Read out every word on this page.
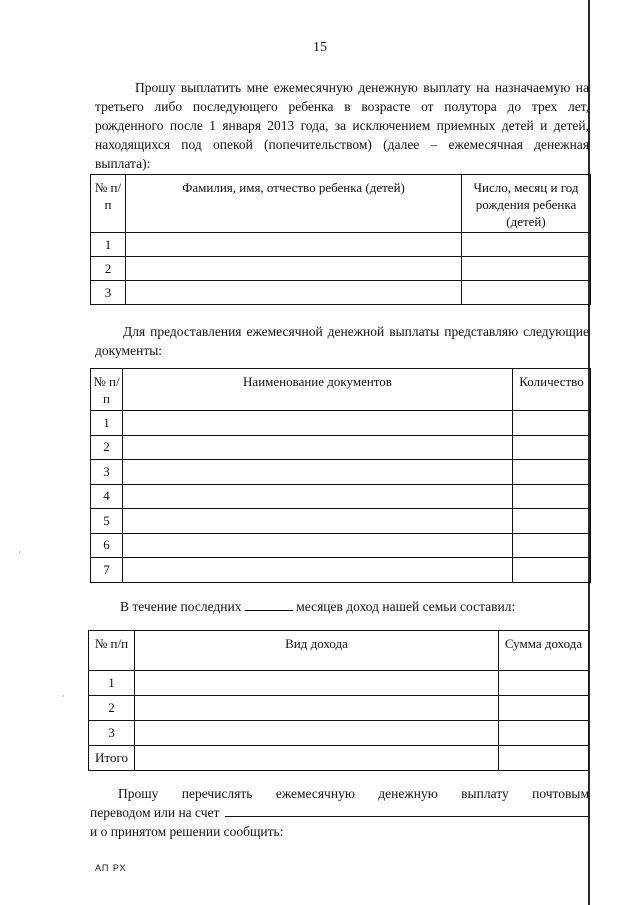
15
Прошу выплатить мне ежемесячную денежную выплату на назначаемую на
третьего либо последующего ребенка в возрасте от полутора до трех лет,
рожденного после 1 января 2013 года, за исключением приемных детей и детей,
находящихся под опекой (попечительством) (далее – ежемесячная денежная
выплата):
№ п/п	Фамилия, имя, отчество ребенка (детей)	Число, месяц и год рождения ребенка (детей)
1		
2		
3		
Для предоставления ежемесячной денежной выплаты представляю следующие
документы:
№ п/п	Наименование документов	Количество
1		
2		
3		
4		
5		
6		
7		
В течение последних	месяцев доход нашей семьи составил:
№ п/п	Вид дохода	Сумма дохода
1		
2		
3		
Итого		
Прошу перечислять ежемесячную денежную выплату почтовым
переводом или на счет
и о принятом решении сообщить:
·
·
АП РХ
